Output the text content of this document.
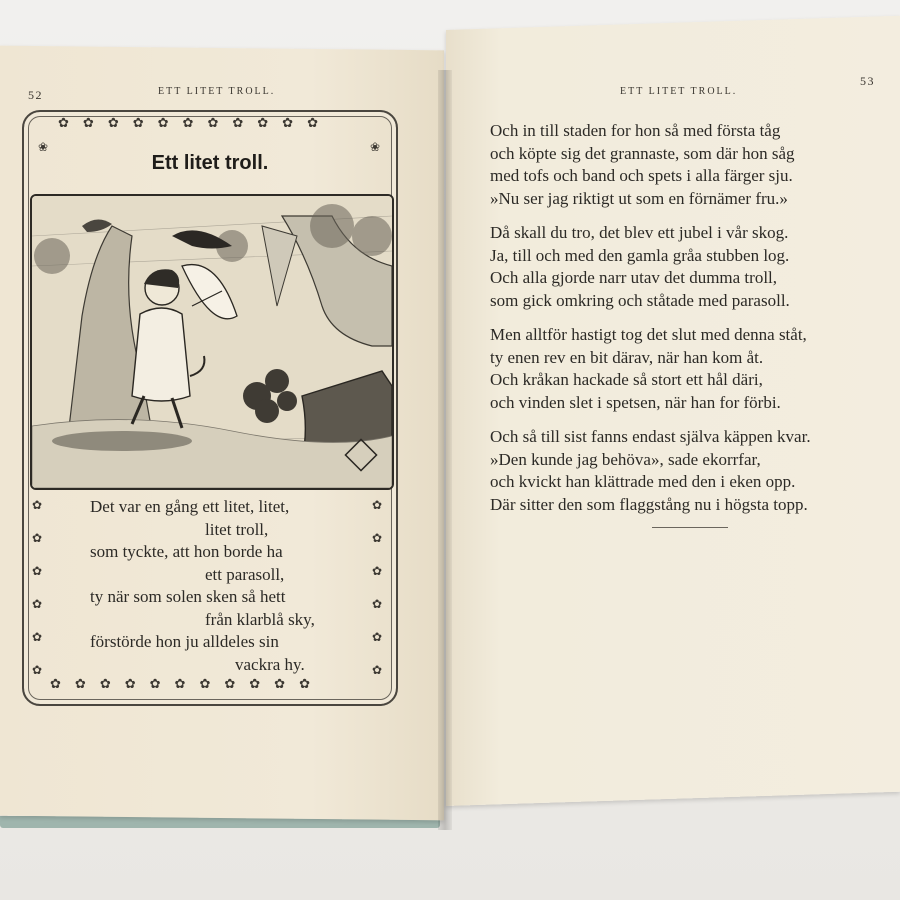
52	ETT LITET TROLL.
✿ ✿ ✿ ✿ ✿ ✿ ✿ ✿ ✿ ✿ ✿
✿ ✿ ✿ ✿ ✿ ✿ ✿ ✿ ✿ ✿ ✿
✿
✿
✿
✿
✿
✿
✿
✿
✿
✿
✿
✿
❀	❀
Ett litet troll.
Det var en gång ett litet, litet,
litet troll,
som tyckte, att hon borde ha
ett parasoll,
ty när som solen sken så hett
från klarblå sky,
förstörde hon ju alldeles sin
vackra hy.
53
ETT LITET TROLL.
Och in till staden for hon så med första tåg
och köpte sig det grannaste, som där hon såg
med tofs och band och spets i alla färger sju.
»Nu ser jag riktigt ut som en förnämer fru.»
Då skall du tro, det blev ett jubel i vår skog.
Ja, till och med den gamla gråa stubben log.
Och alla gjorde narr utav det dumma troll,
som gick omkring och ståtade med parasoll.
Men alltför hastigt tog det slut med denna ståt,
ty enen rev en bit därav, när han kom åt.
Och kråkan hackade så stort ett hål däri,
och vinden slet i spetsen, när han for förbi.
Och så till sist fanns endast själva käppen kvar.
»Den kunde jag behöva», sade ekorrfar,
och kvickt han klättrade med den i eken opp.
Där sitter den som flaggstång nu i högsta topp.
